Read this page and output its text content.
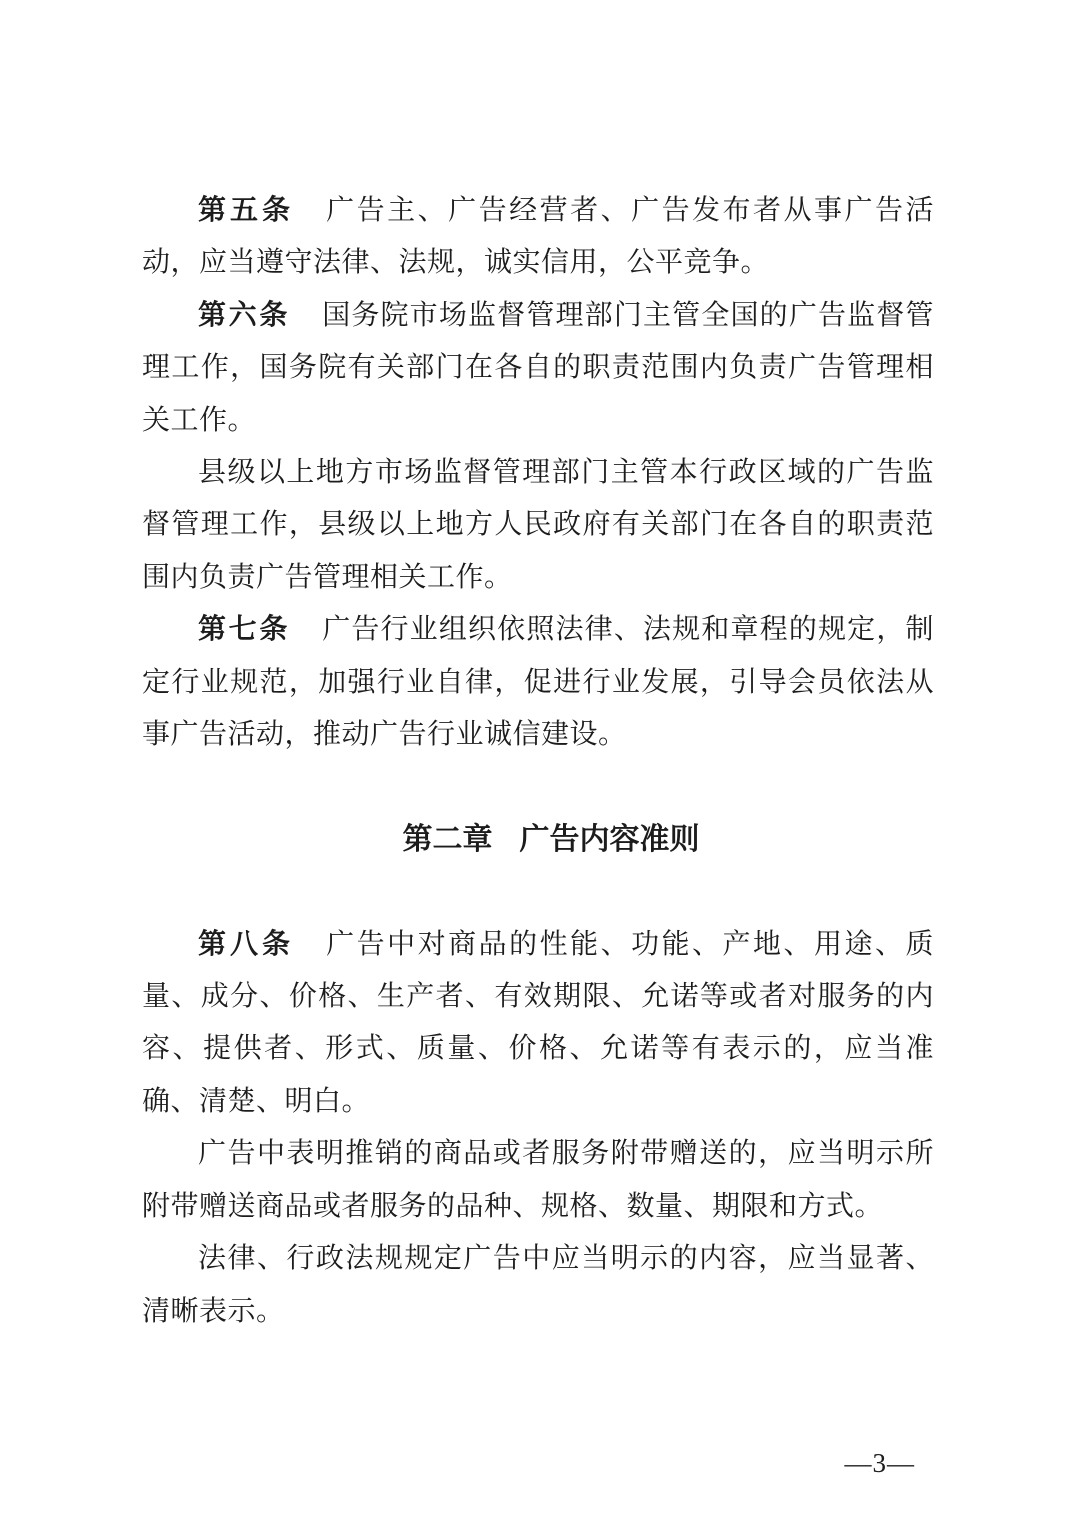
第五条 广告主、广告经营者、广告发布者从事广告活动，应当遵守法律、法规，诚实信用，公平竞争。

第六条 国务院市场监督管理部门主管全国的广告监督管理工作，国务院有关部门在各自的职责范围内负责广告管理相关工作。

县级以上地方市场监督管理部门主管本行政区域的广告监督管理工作，县级以上地方人民政府有关部门在各自的职责范围内负责广告管理相关工作。

第七条 广告行业组织依照法律、法规和章程的规定，制定行业规范，加强行业自律，促进行业发展，引导会员依法从事广告活动，推动广告行业诚信建设。

第二章 广告内容准则

第八条 广告中对商品的性能、功能、产地、用途、质量、成分、价格、生产者、有效期限、允诺等或者对服务的内容、提供者、形式、质量、价格、允诺等有表示的，应当准确、清楚、明白。

广告中表明推销的商品或者服务附带赠送的，应当明示所附带赠送商品或者服务的品种、规格、数量、期限和方式。

法律、行政法规规定广告中应当明示的内容，应当显著、清晰表示。

—3—
